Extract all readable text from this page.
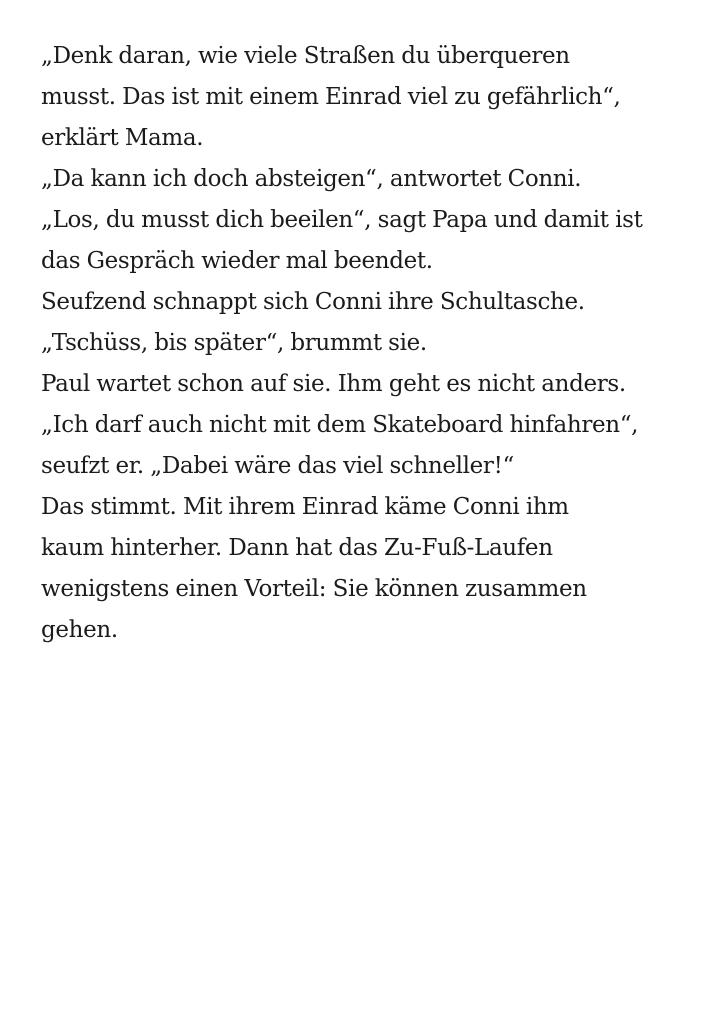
„Denk daran, wie viele Straßen du überqueren
musst. Das ist mit einem Einrad viel zu gefährlich“,
erklärt Mama.

„Da kann ich doch absteigen“, antwortet Conni.

„Los, du musst dich beeilen“, sagt Papa und damit ist
das Gespräch wieder mal beendet.

Seufzend schnappt sich Conni ihre Schultasche.

„Tschüss, bis später“, brummt sie.

Paul wartet schon auf sie. Ihm geht es nicht anders.

„Ich darf auch nicht mit dem Skateboard hinfahren“,
seufzt er. „Dabei wäre das viel schneller!“

Das stimmt. Mit ihrem Einrad käme Conni ihm
kaum hinterher. Dann hat das Zu-Fuß-Laufen
wenigstens einen Vorteil: Sie können zusammen
gehen.
